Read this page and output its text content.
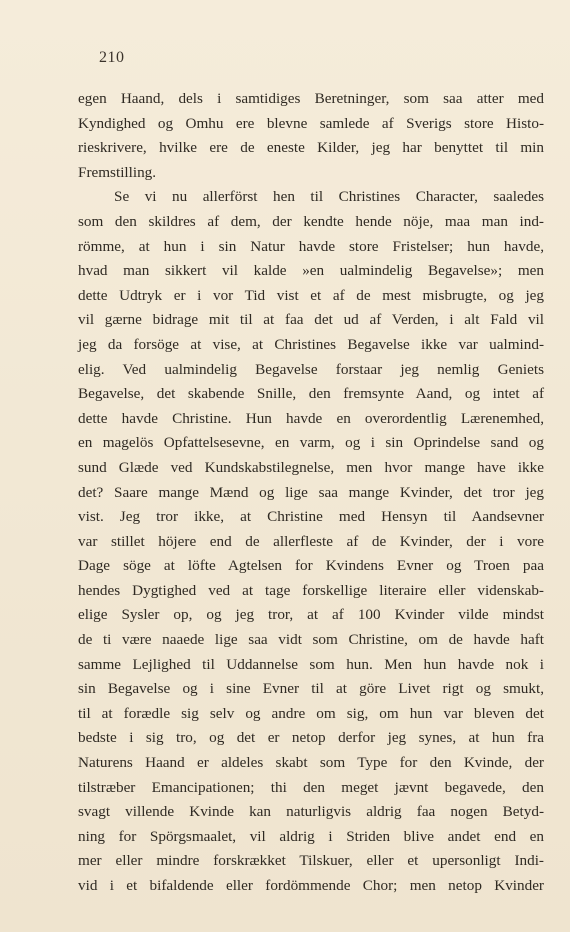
210
egen Haand, dels i samtidiges Beretninger, som saa atter med
Kyndighed og Omhu ere blevne samlede af Sverigs store Histo-
rieskrivere, hvilke ere de eneste Kilder, jeg har benyttet til min
Fremstilling.
Se vi nu allerförst hen til Christines Character, saaledes
som den skildres af dem, der kendte hende nöje, maa man ind-
römme, at hun i sin Natur havde store Fristelser; hun havde,
hvad man sikkert vil kalde »en ualmindelig Begavelse»; men
dette Udtryk er i vor Tid vist et af de mest misbrugte, og jeg
vil gærne bidrage mit til at faa det ud af Verden, i alt Fald vil
jeg da forsöge at vise, at Christines Begavelse ikke var ualmind-
elig. Ved ualmindelig Begavelse forstaar jeg nemlig Geniets
Begavelse, det skabende Snille, den fremsynte Aand, og intet af
dette havde Christine. Hun havde en overordentlig Lærenemhed,
en magelös Opfattelsesevne, en varm, og i sin Oprindelse sand og
sund Glæde ved Kundskabstilegnelse, men hvor mange have ikke
det? Saare mange Mænd og lige saa mange Kvinder, det tror jeg
vist. Jeg tror ikke, at Christine med Hensyn til Aandsevner
var stillet höjere end de allerfleste af de Kvinder, der i vore
Dage söge at löfte Agtelsen for Kvindens Evner og Troen paa
hendes Dygtighed ved at tage forskellige literaire eller videnskab-
elige Sysler op, og jeg tror, at af 100 Kvinder vilde mindst
de ti være naaede lige saa vidt som Christine, om de havde haft
samme Lejlighed til Uddannelse som hun. Men hun havde nok i
sin Begavelse og i sine Evner til at göre Livet rigt og smukt,
til at forædle sig selv og andre om sig, om hun var bleven det
bedste i sig tro, og det er netop derfor jeg synes, at hun fra
Naturens Haand er aldeles skabt som Type for den Kvinde, der
tilstræber Emancipationen; thi den meget jævnt begavede, den
svagt villende Kvinde kan naturligvis aldrig faa nogen Betyd-
ning for Spörgsmaalet, vil aldrig i Striden blive andet end en
mer eller mindre forskrækket Tilskuer, eller et upersonligt Indi-
vid i et bifaldende eller fordömmende Chor; men netop Kvinder
